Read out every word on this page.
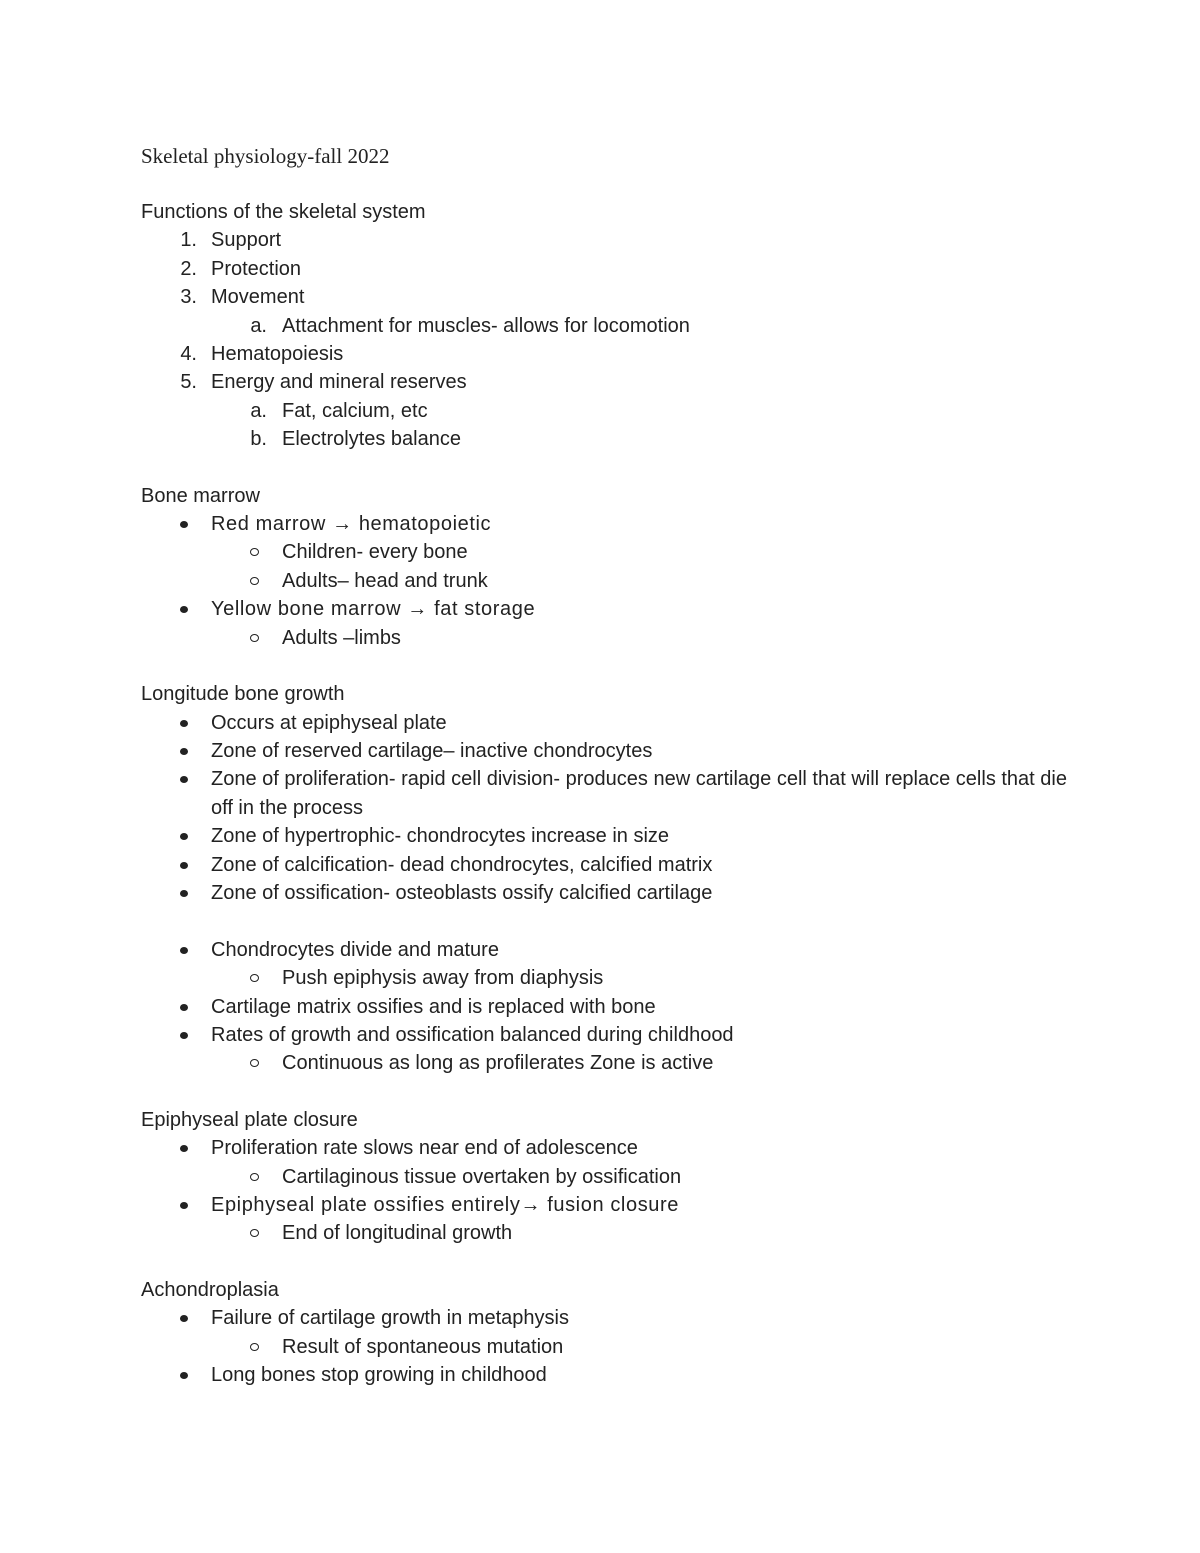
Skeletal physiology-fall 2022
Functions of the skeletal system
1. Support
2. Protection
3. Movement
a. Attachment for muscles- allows for locomotion
4. Hematopoiesis
5. Energy and mineral reserves
a. Fat, calcium, etc
b. Electrolytes balance
Bone marrow
Red marrow → hematopoietic
Children- every bone
Adults– head and trunk
Yellow bone marrow → fat storage
Adults –limbs
Longitude bone growth
Occurs at epiphyseal plate
Zone of reserved cartilage– inactive chondrocytes
Zone of proliferation- rapid cell division- produces new cartilage cell that will replace cells that die off in the process
Zone of hypertrophic- chondrocytes increase in size
Zone of calcification- dead chondrocytes, calcified matrix
Zone of ossification- osteoblasts ossify calcified cartilage
Chondrocytes divide and mature
Push epiphysis away from diaphysis
Cartilage matrix ossifies and is replaced with bone
Rates of growth and ossification balanced during childhood
Continuous as long as profilerates Zone is active
Epiphyseal plate closure
Proliferation rate slows near end of adolescence
Cartilaginous tissue overtaken by ossification
Epiphyseal plate ossifies entirely→ fusion closure
End of longitudinal growth
Achondroplasia
Failure of cartilage growth in metaphysis
Result of spontaneous mutation
Long bones stop growing in childhood
